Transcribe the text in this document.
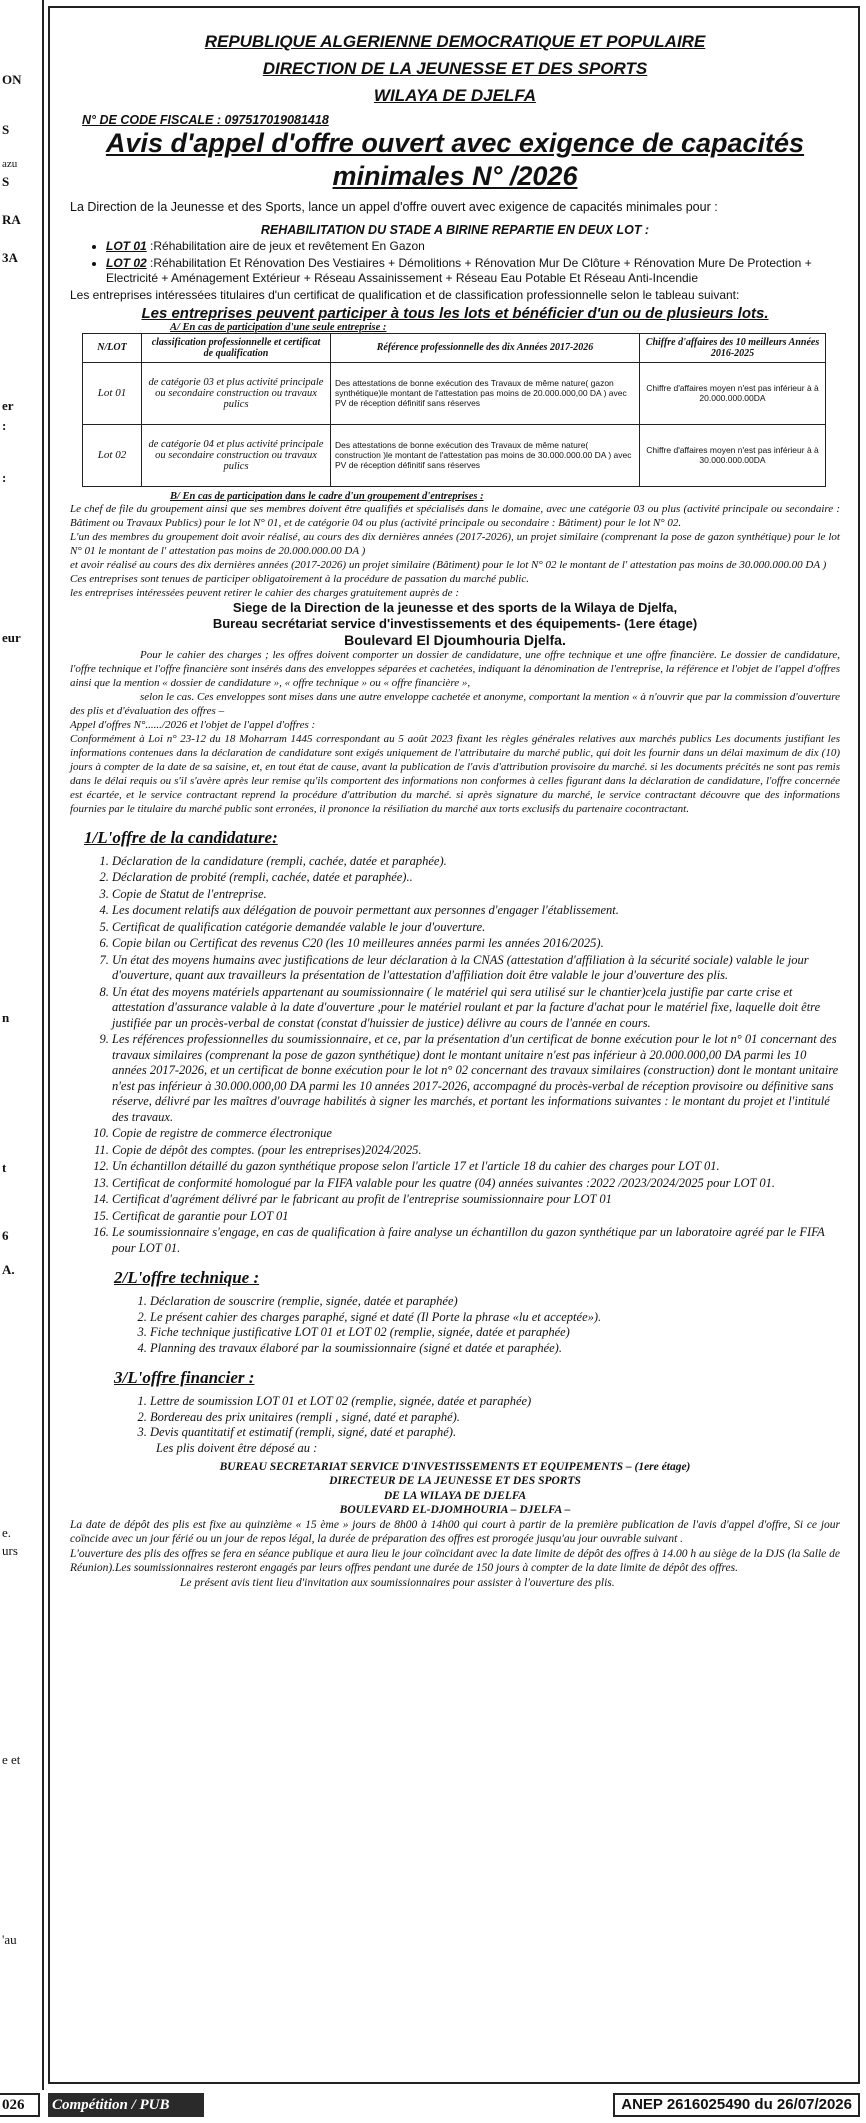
ON
S
azu
S
RA
3A
er
:
:
eur
n
t
6
A.
e.
urs
e et
'au
REPUBLIQUE ALGERIENNE DEMOCRATIQUE ET POPULAIRE
DIRECTION DE LA JEUNESSE ET DES SPORTS
WILAYA DE DJELFA
N° DE CODE FISCALE : 097517019081418
Avis d'appel d'offre ouvert avec exigence de capacités
minimales N° /2026
La Direction de la Jeunesse et des Sports, lance un appel d'offre ouvert avec exigence de capacités minimales pour :
REHABILITATION DU STADE A BIRINE REPARTIE EN DEUX LOT :
• LOT 01 :Réhabilitation aire de jeux et revêtement En Gazon
• LOT 02 :Réhabilitation Et Rénovation Des Vestiaires + Démolitions + Rénovation Mur De Clôture + Rénovation Mure De Protection + Electricité + Aménagement Extérieur + Réseau Assainissement + Réseau Eau Potable Et Réseau Anti-Incendie
Les entreprises intéressées titulaires d'un certificat de qualification et de classification professionnelle selon le tableau suivant:
Les entreprises peuvent participer à tous les lots et bénéficier d'un ou de plusieurs lots.
A/ En cas de participation d'une seule entreprise :
N/LOT	classification professionnelle et certificat de qualification	Référence professionnelle des dix Années 2017-2026	Chiffre d'affaires des 10 meilleurs Années 2016-2025
Lot 01	de catégorie 03 et plus activité principale ou secondaire construction ou travaux pulics	Des attestations de bonne exécution des Travaux de même nature( gazon synthétique)le montant de l'attestation pas moins de 20.000.000,00 DA ) avec PV de réception définitif sans réserves	Chiffre d'affaires moyen n'est pas inférieur à à 20.000.000.00DA
Lot 02	de catégorie 04 et plus activité principale ou secondaire construction ou travaux pulics	Des attestations de bonne exécution des Travaux de même nature( construction )le montant de l'attestation pas moins de 30.000.000.00 DA ) avec PV de réception définitif sans réserves	Chiffre d'affaires moyen n'est pas inférieur à à 30.000.000.00DA
B/ En cas de participation dans le cadre d'un groupement d'entreprises :
Le chef de file du groupement ainsi que ses membres doivent être qualifiés et spécialisés dans le domaine, avec une catégorie 03 ou plus (activité principale ou secondaire : Bâtiment ou Travaux Publics) pour le lot N° 01, et de catégorie 04 ou plus (activité principale ou secondaire : Bâtiment) pour le lot N° 02.
L'un des membres du groupement doit avoir réalisé, au cours des dix dernières années (2017-2026), un projet similaire (comprenant la pose de gazon synthétique) pour le lot N° 01 le montant de l' attestation pas moins de 20.000.000.00 DA )
et avoir réalisé au cours des dix dernières années (2017-2026) un projet similaire (Bâtiment) pour le lot N° 02 le montant de l' attestation pas moins de 30.000.000.00 DA )
Ces entreprises sont tenues de participer obligatoirement à la procédure de passation du marché public.
les entreprises intéressées peuvent retirer le cahier des charges gratuitement auprès de :
Siege de la Direction de la jeunesse et des sports de la Wilaya de Djelfa,
Bureau secrétariat service d'investissements et des équipements- (1ere étage)
Boulevard El Djoumhouria Djelfa.
Pour le cahier des charges ; les offres doivent comporter un dossier de candidature, une offre technique et une offre financière. Le dossier de candidature, l'offre technique et l'offre financière sont insérés dans des enveloppes séparées et cachetées, indiquant la dénomination de l'entreprise, la référence et l'objet de l'appel d'offres ainsi que la mention « dossier de candidature », « offre technique » ou « offre financière »,
selon le cas. Ces enveloppes sont mises dans une autre enveloppe cachetée et anonyme, comportant la mention « à n'ouvrir que par la commission d'ouverture des plis et d'évaluation des offres –
Appel d'offres N°....../2026 et l'objet de l'appel d'offres :
Conformément à Loi n° 23-12 du 18 Moharram 1445 correspondant au 5 août 2023 fixant les règles générales relatives aux marchés publics Les documents justifiant les informations contenues dans la déclaration de candidature sont exigés uniquement de l'attributaire du marché public, qui doit les fournir dans un délai maximum de dix (10) jours à compter de la date de sa saisine, et, en tout état de cause, avant la publication de l'avis d'attribution provisoire du marché. si les documents précités ne sont pas remis dans le délai requis ou s'il s'avère après leur remise qu'ils comportent des informations non conformes à celles figurant dans la déclaration de candidature, l'offre concernée est écartée, et le service contractant reprend la procédure d'attribution du marché. si après signature du marché, le service contractant découvre que des informations fournies par le titulaire du marché public sont erronées, il prononce la résiliation du marché aux torts exclusifs du partenaire cocontractant.
1/L'offre de la candidature:
1. Déclaration de la candidature (rempli, cachée, datée et paraphée).
2. Déclaration de probité (rempli, cachée, datée et paraphée)..
3. Copie de Statut de l'entreprise.
4. Les document relatifs aux délégation de pouvoir permettant aux personnes d'engager l'établissement.
5. Certificat de qualification catégorie demandée valable le jour d'ouverture.
6. Copie bilan ou Certificat des revenus C20 (les 10 meilleures années parmi les années 2016/2025).
7. Un état des moyens humains avec justifications de leur déclaration à la CNAS (attestation d'affiliation à la sécurité sociale) valable le jour d'ouverture, quant aux travailleurs la présentation de l'attestation d'affiliation doit être valable le jour d'ouverture des plis.
8. Un état des moyens matériels appartenant au soumissionnaire ( le matériel qui sera utilisé sur le chantier)cela justifie par carte crise et attestation d'assurance valable à la date d'ouverture ,pour le matériel roulant et par la facture d'achat pour le matériel fixe, laquelle doit être justifiée par un procès-verbal de constat (constat d'huissier de justice) délivre au cours de l'année en cours.
9. Les références professionnelles du soumissionnaire, et ce, par la présentation d'un certificat de bonne exécution pour le lot n° 01 concernant des travaux similaires (comprenant la pose de gazon synthétique) dont le montant unitaire n'est pas inférieur à 20.000.000,00 DA parmi les 10 années 2017-2026, et un certificat de bonne exécution pour le lot n° 02 concernant des travaux similaires (construction) dont le montant unitaire n'est pas inférieur à 30.000.000,00 DA parmi les 10 années 2017-2026, accompagné du procès-verbal de réception provisoire ou définitive sans réserve, délivré par les maîtres d'ouvrage habilités à signer les marchés, et portant les informations suivantes : le montant du projet et l'intitulé des travaux.
10. Copie de registre de commerce électronique
11. Copie de dépôt des comptes. (pour les entreprises)2024/2025.
12. Un échantillon détaillé du gazon synthétique propose selon l'article 17 et l'article 18 du cahier des charges pour LOT 01.
13. Certificat de conformité homologué par la FIFA valable pour les quatre (04) années suivantes :2022 /2023/2024/2025 pour LOT 01.
14. Certificat d'agrément délivré par le fabricant au profit de l'entreprise soumissionnaire pour LOT 01
15. Certificat de garantie pour LOT 01
16. Le soumissionnaire s'engage, en cas de qualification à faire analyse un échantillon du gazon synthétique par un laboratoire agréé par le FIFA pour LOT 01.
2/L'offre technique :
1. Déclaration de souscrire (remplie, signée, datée et paraphée)
2. Le présent cahier des charges paraphé, signé et daté (Il Porte la phrase «lu et acceptée»).
3. Fiche technique justificative LOT 01 et LOT 02 (remplie, signée, datée et paraphée)
4. Planning des travaux élaboré par la soumissionnaire (signé et datée et paraphée).
3/L'offre financier :
1. Lettre de soumission LOT 01 et LOT 02 (remplie, signée, datée et paraphée)
2. Bordereau des prix unitaires (rempli , signé, daté et paraphé).
3. Devis quantitatif et estimatif (rempli, signé, daté et paraphé).
Les plis doivent être déposé au :
BUREAU SECRETARIAT SERVICE D'INVESTISSEMENTS ET EQUIPEMENTS – (1ere étage)
DIRECTEUR DE LA JEUNESSE ET DES SPORTS
DE LA WILAYA DE DJELFA
BOULEVARD EL-DJOMHOURIA – DJELFA –
La date de dépôt des plis est fixe au quinzième « 15 ème » jours de 8h00 à 14h00 qui court à partir de la première publication de l'avis d'appel d'offre, Si ce jour coïncide avec un jour férié ou un jour de repos légal, la durée de préparation des offres est prorogée jusqu'au jour ouvrable suivant .
L'ouverture des plis des offres se fera en séance publique et aura lieu le jour coïncidant avec la date limite de dépôt des offres à 14.00 h au siège de la DJS (la Salle de Réunion).Les soumissionnaires resteront engagés par leurs offres pendant une durée de 150 jours à compter de la date limite de dépôt des offres.
Le présent avis tient lieu d'invitation aux soumissionnaires pour assister à l'ouverture des plis.
026	Compétition / PUB	ANEP 2616025490 du 26/07/2026
